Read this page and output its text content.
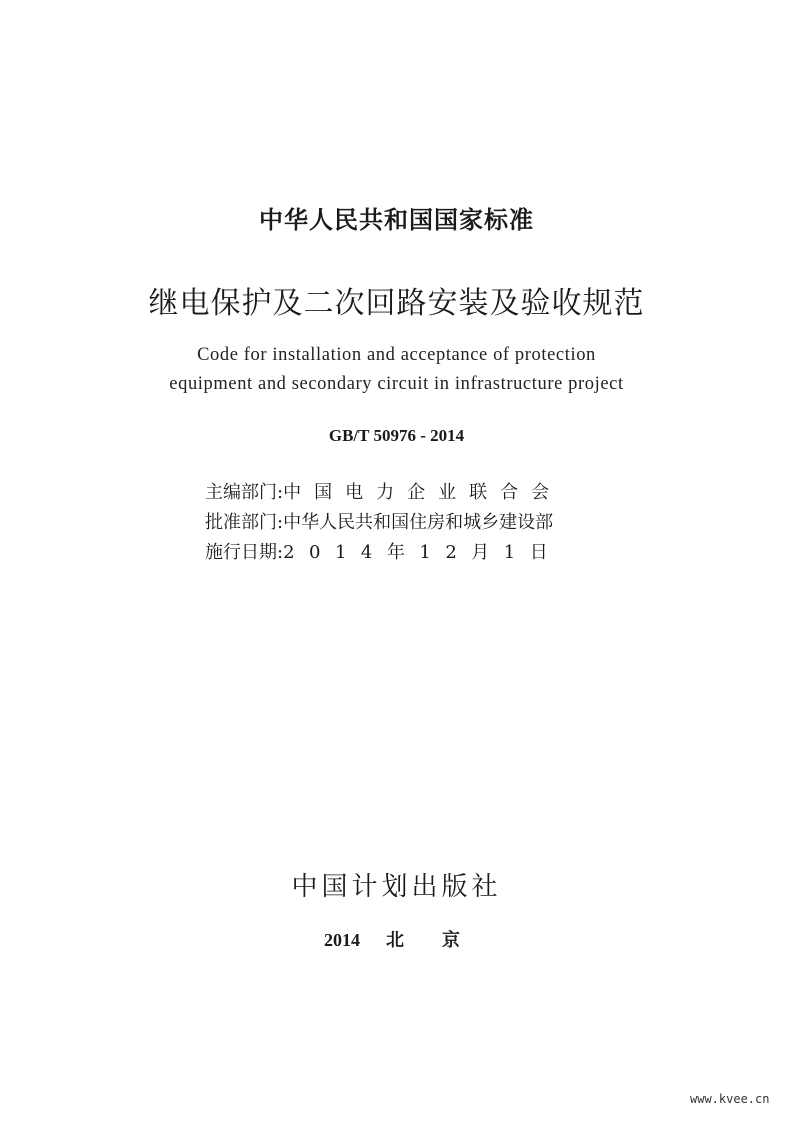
中华人民共和国国家标准
继电保护及二次回路安装及验收规范
Code for installation and acceptance of protection
equipment and secondary circuit in infrastructure project
GB/T 50976 - 2014
主编部门: 中国电力企业联合会
批准部门: 中华人民共和国住房和城乡建设部
施行日期: 2014年12月1日
中国计划出版社
2014 北京
www.kvee.cn
